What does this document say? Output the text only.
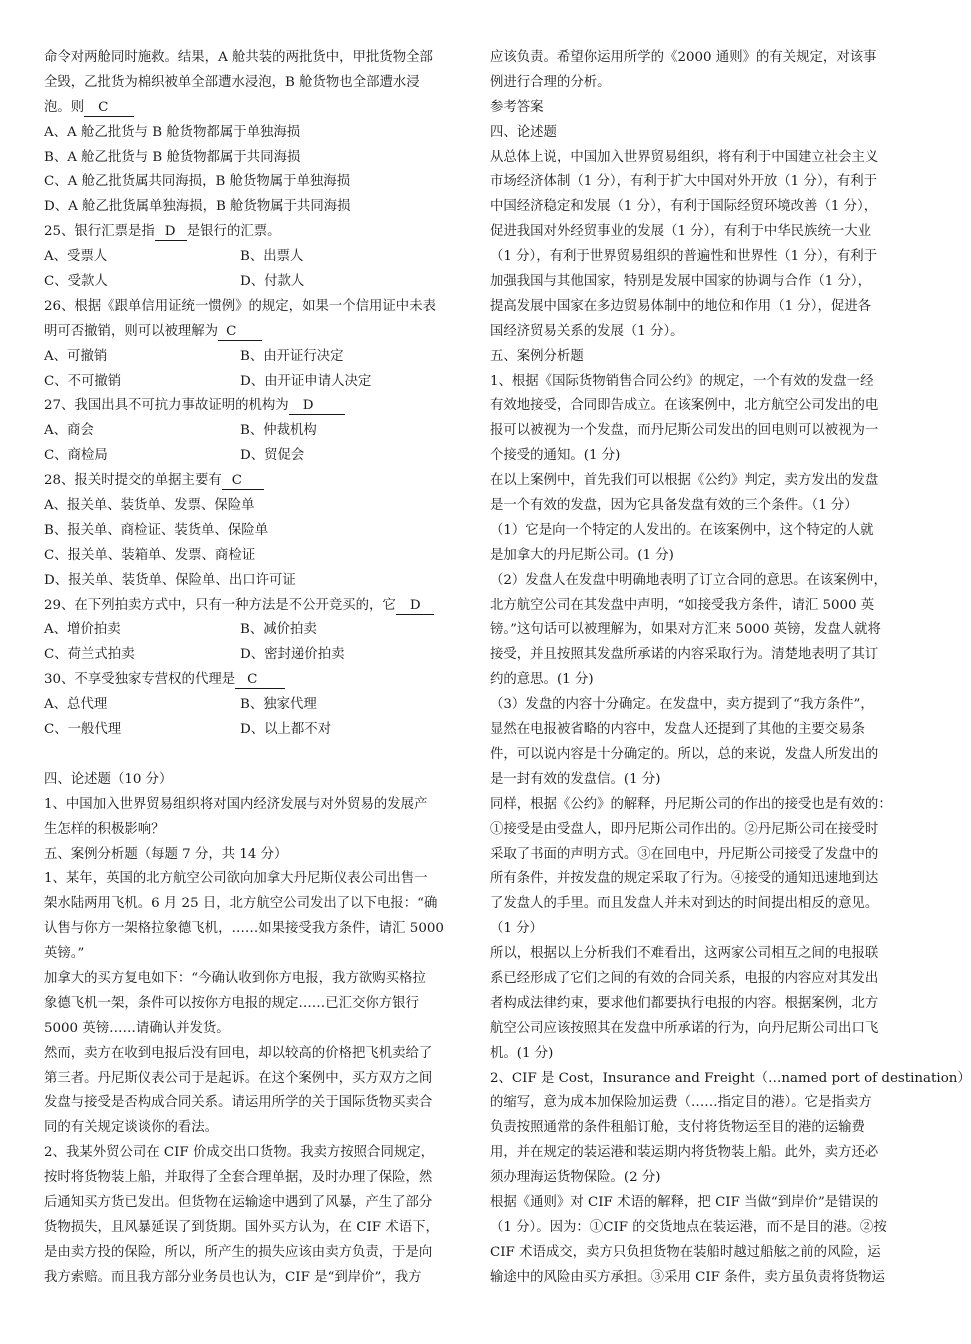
命令对两舱同时施救。结果，A 舱共装的两批货中，甲批货物全部
全毁，乙批货为棉织被单全部遭水浸泡，B 舱货物也全部遭水浸
泡。则 C
A、A 舱乙批货与 B 舱货物都属于单独海损
B、A 舱乙批货与 B 舱货物都属于共同海损
C、A 舱乙批货属共同海损，B 舱货物属于单独海损
D、A 舱乙批货属单独海损，B 舱货物属于共同海损
25、银行汇票是指 D 是银行的汇票。
A、受票人	B、出票人
C、受款人	D、付款人
26、根据《跟单信用证统一惯例》的规定，如果一个信用证中未表
明可否撤销，则可以被理解为 C
A、可撤销	B、由开证行决定
C、不可撤销	D、由开证申请人决定
27、我国出具不可抗力事故证明的机构为 D
A、商会	B、仲裁机构
C、商检局	D、贸促会
28、报关时提交的单据主要有 C
A、报关单、装货单、发票、保险单
B、报关单、商检证、装货单、保险单
C、报关单、装箱单、发票、商检证
D、报关单、装货单、保险单、出口许可证
29、在下列拍卖方式中，只有一种方法是不公开竞买的，它 D
A、增价拍卖	B、减价拍卖
C、荷兰式拍卖	D、密封递价拍卖
30、不享受独家专营权的代理是 C
A、总代理	B、独家代理
C、一般代理	D、以上都不对
四、论述题（10 分）
1、中国加入世界贸易组织将对国内经济发展与对外贸易的发展产
生怎样的积极影响？
五、案例分析题（每题 7 分，共 14 分）
1、某年，英国的北方航空公司欲向加拿大丹尼斯仪表公司出售一
架水陆两用飞机。6 月 25 日，北方航空公司发出了以下电报：“确
认售与你方一架格拉象德飞机，……如果接受我方条件，请汇 5000
英镑。”
加拿大的买方复电如下：“今确认收到你方电报，我方欲购买格拉
象德飞机一架，条件可以按你方电报的规定……已汇交你方银行
5000 英镑……请确认并发货。
然而，卖方在收到电报后没有回电，却以较高的价格把飞机卖给了
第三者。丹尼斯仪表公司于是起诉。在这个案例中，买方双方之间
发盘与接受是否构成合同关系。请运用所学的关于国际货物买卖合
同的有关规定谈谈你的看法。
2、我某外贸公司在 CIF 价成交出口货物。我卖方按照合同规定，
按时将货物装上船，并取得了全套合理单据，及时办理了保险，然
后通知买方货已发出。但货物在运输途中遇到了风暴，产生了部分
货物损失，且风暴延误了到货期。国外买方认为，在 CIF 术语下，
是由卖方投的保险，所以，所产生的损失应该由卖方负责，于是向
我方索赔。而且我方部分业务员也认为，CIF 是“到岸价”，我方
应该负责。希望你运用所学的《2000 通则》的有关规定，对该事
例进行合理的分析。
参考答案
四、论述题
从总体上说，中国加入世界贸易组织，将有利于中国建立社会主义
市场经济体制（1 分），有利于扩大中国对外开放（1 分），有利于
中国经济稳定和发展（1 分），有利于国际经贸环境改善（1 分），
促进我国对外经贸事业的发展（1 分），有利于中华民族统一大业
（1 分），有利于世界贸易组织的普遍性和世界性（1 分），有利于
加强我国与其他国家，特别是发展中国家的协调与合作（1 分），
提高发展中国家在多边贸易体制中的地位和作用（1 分），促进各
国经济贸易关系的发展（1 分）。
五、案例分析题
1、根据《国际货物销售合同公约》的规定，一个有效的发盘一经
有效地接受，合同即告成立。在该案例中，北方航空公司发出的电
报可以被视为一个发盘，而丹尼斯公司发出的回电则可以被视为一
个接受的通知。(1 分)
在以上案例中，首先我们可以根据《公约》判定，卖方发出的发盘
是一个有效的发盘，因为它具备发盘有效的三个条件。（1 分）
（1）它是向一个特定的人发出的。在该案例中，这个特定的人就
是加拿大的丹尼斯公司。(1 分)
（2）发盘人在发盘中明确地表明了订立合同的意思。在该案例中，
北方航空公司在其发盘中声明，“如接受我方条件，请汇 5000 英
镑。”这句话可以被理解为，如果对方汇来 5000 英镑，发盘人就将
接受，并且按照其发盘所承诺的内容采取行为。清楚地表明了其订
约的意思。(1 分)
（3）发盘的内容十分确定。在发盘中，卖方提到了“我方条件”，
显然在电报被省略的内容中，发盘人还提到了其他的主要交易条
件，可以说内容是十分确定的。所以，总的来说，发盘人所发出的
是一封有效的发盘信。(1 分)
同样，根据《公约》的解释，丹尼斯公司的作出的接受也是有效的：
①接受是由受盘人，即丹尼斯公司作出的。②丹尼斯公司在接受时
采取了书面的声明方式。③在回电中，丹尼斯公司接受了发盘中的
所有条件，并按发盘的规定采取了行为。④接受的通知迅速地到达
了发盘人的手里。而且发盘人并未对到达的时间提出相反的意见。
（1 分）
所以，根据以上分析我们不难看出，这两家公司相互之间的电报联
系已经形成了它们之间的有效的合同关系，电报的内容应对其发出
者构成法律约束，要求他们都要执行电报的内容。根据案例，北方
航空公司应该按照其在发盘中所承诺的行为，向丹尼斯公司出口飞
机。(1 分)
2、CIF 是 Cost，Insurance and Freight（…named port of destination）
的缩写，意为成本加保险加运费（……指定目的港）。它是指卖方
负责按照通常的条件租船订舱，支付将货物运至目的港的运输费
用，并在规定的装运港和装运期内将货物装上船。此外，卖方还必
须办理海运货物保险。(2 分)
根据《通则》对 CIF 术语的解释，把 CIF 当做“到岸价”是错误的
（1 分）。因为：①CIF 的交货地点在装运港，而不是目的港。②按
CIF 术语成交，卖方只负担货物在装船时越过船舷之前的风险，运
输途中的风险由买方承担。③采用 CIF 条件，卖方虽负责将货物运
